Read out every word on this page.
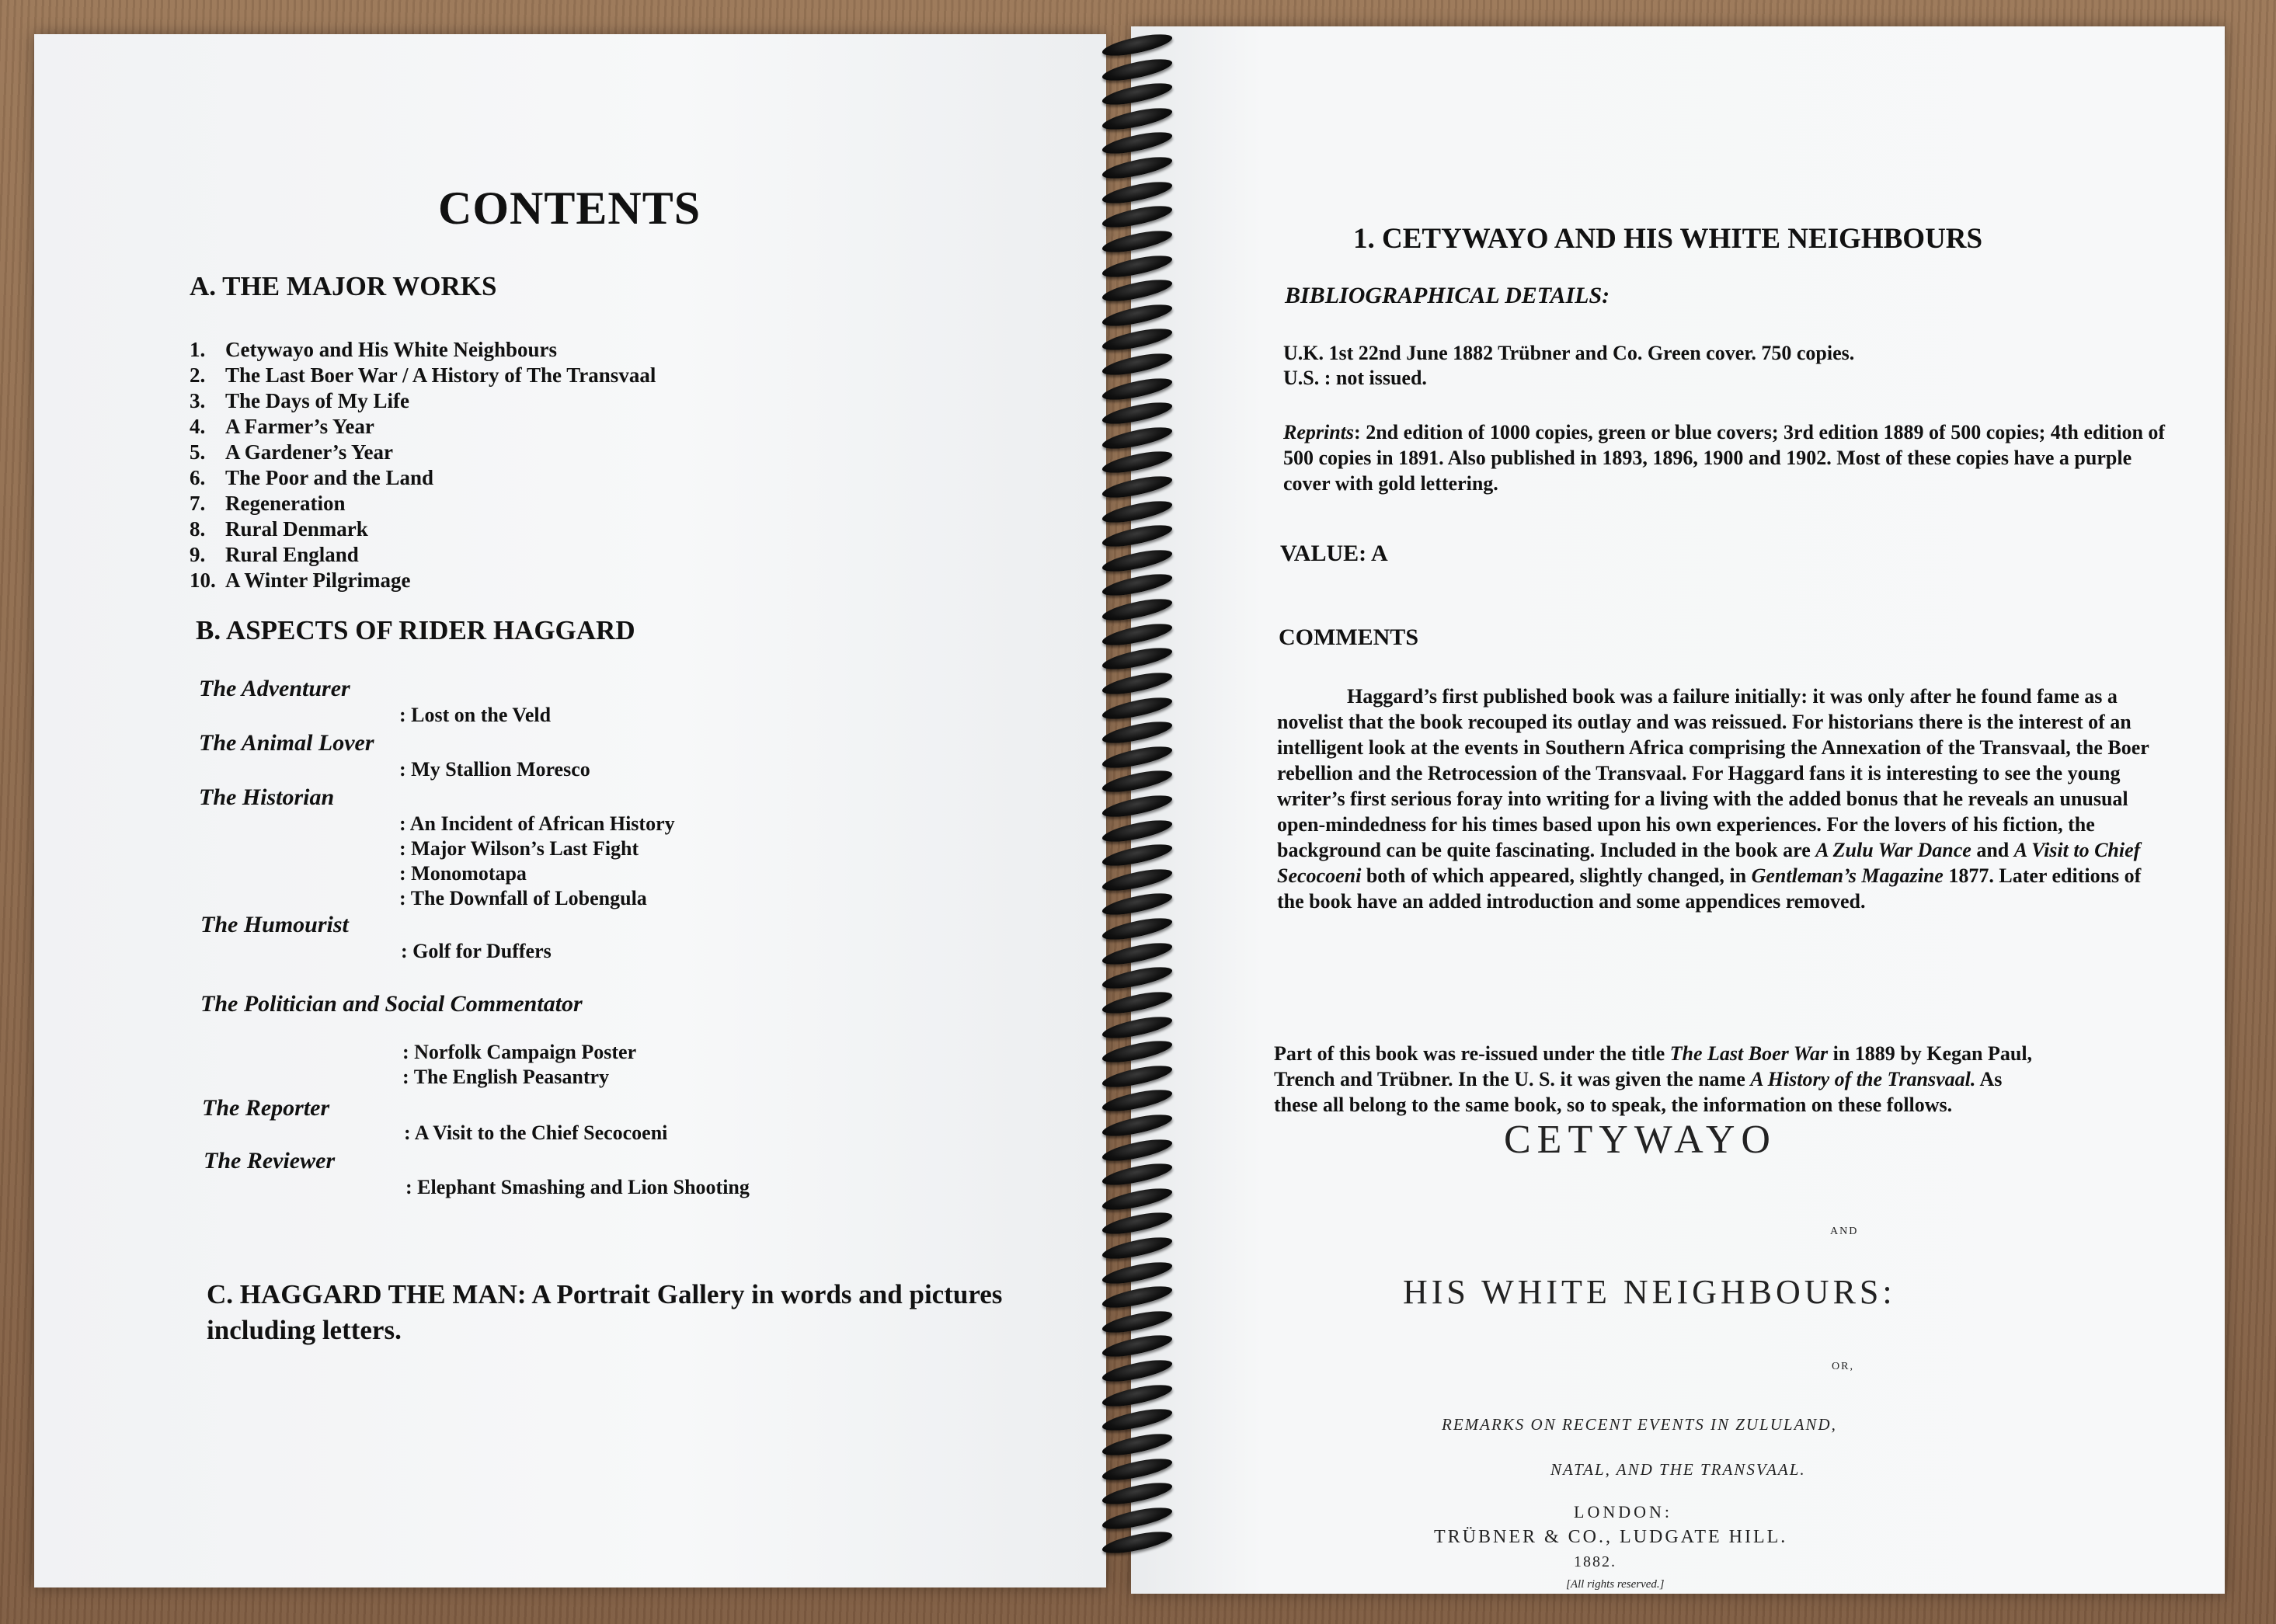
CONTENTS
A. THE MAJOR WORKS
1. Cetywayo and His White Neighbours
2. The Last Boer War / A History of The Transvaal
3. The Days of My Life
4. A Farmer’s Year
5. A Gardener’s Year
6. The Poor and the Land
7. Regeneration
8. Rural Denmark
9. Rural England
10. A Winter Pilgrimage
B. ASPECTS OF RIDER HAGGARD
The Adventurer
: Lost on the Veld
The Animal Lover
: My Stallion Moresco
The Historian
: An Incident of African History
: Major Wilson’s Last Fight
: Monomotapa
: The Downfall of Lobengula
The Humourist
: Golf for Duffers
The Politician and Social Commentator
: Norfolk Campaign Poster
: The English Peasantry
The Reporter
: A Visit to the Chief Secocoeni
The Reviewer
: Elephant Smashing and Lion Shooting
C. HAGGARD THE MAN: A Portrait Gallery in words and pictures including letters.
1. CETYWAYO AND HIS WHITE NEIGHBOURS
BIBLIOGRAPHICAL DETAILS:
U.K. 1st 22nd June 1882 Trübner and Co. Green cover. 750 copies.
U.S. : not issued.
Reprints: 2nd edition of 1000 copies, green or blue covers; 3rd edition 1889 of 500 copies; 4th edition of 500 copies in 1891. Also published in 1893, 1896, 1900 and 1902. Most of these copies have a purple cover with gold lettering.
VALUE: A
COMMENTS
Haggard’s first published book was a failure initially: it was only after he found fame as a novelist that the book recouped its outlay and was reissued. For historians there is the interest of an intelligent look at the events in Southern Africa comprising the Annexation of the Transvaal, the Boer rebellion and the Retrocession of the Transvaal. For Haggard fans it is interesting to see the young writer’s first serious foray into writing for a living with the added bonus that he reveals an unusual open-mindedness for his times based upon his own experiences. For the lovers of his fiction, the background can be quite fascinating. Included in the book are A Zulu War Dance and A Visit to Chief Secocoeni both of which appeared, slightly changed, in Gentleman’s Magazine 1877. Later editions of the book have an added introduction and some appendices removed.
Part of this book was re-issued under the title The Last Boer War in 1889 by Kegan Paul, Trench and Trübner. In the U. S. it was given the name A History of the Transvaal. As these all belong to the same book, so to speak, the information on these follows.
CETYWAYO
AND
HIS WHITE NEIGHBOURS:
OR,
REMARKS ON RECENT EVENTS IN ZULULAND,
NATAL, AND THE TRANSVAAL.
LONDON:
TRÜBNER & CO., LUDGATE HILL.
1882.
[All rights reserved.]
